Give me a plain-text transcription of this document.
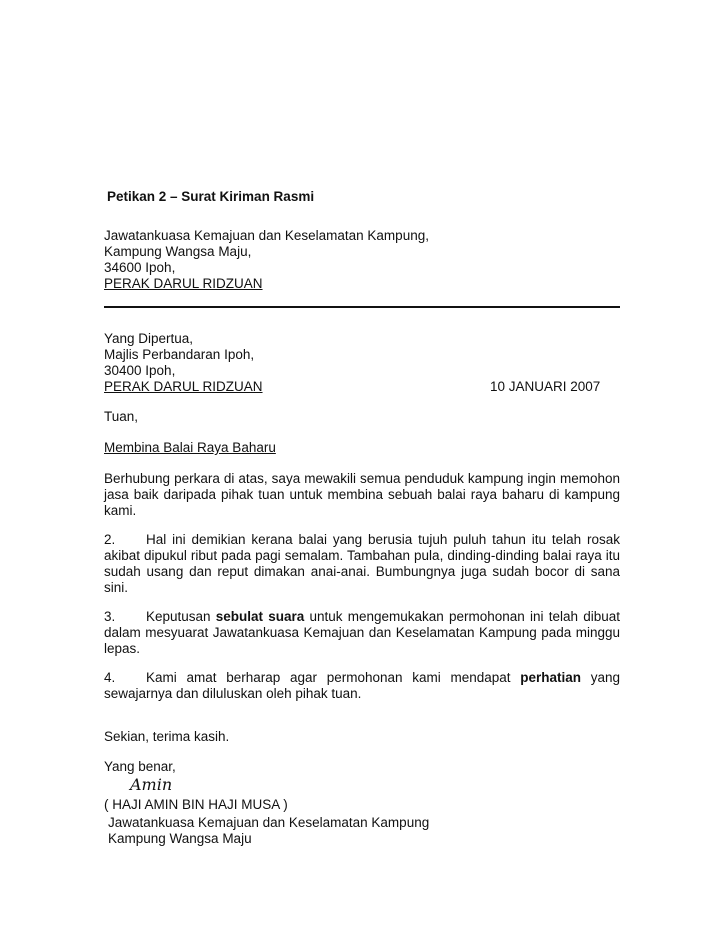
Petikan 2 – Surat Kiriman Rasmi
Jawatankuasa Kemajuan dan Keselamatan Kampung,
Kampung Wangsa Maju,
34600 Ipoh,
PERAK DARUL RIDZUAN
Yang Dipertua,
Majlis Perbandaran Ipoh,
30400 Ipoh,
PERAK DARUL RIDZUAN	10 JANUARI 2007
Tuan,
Membina Balai Raya Baharu
Berhubung perkara di atas, saya mewakili semua penduduk kampung ingin memohon jasa baik daripada pihak tuan untuk membina sebuah balai raya baharu di kampung kami.
2. Hal ini demikian kerana balai yang berusia tujuh puluh tahun itu telah rosak akibat dipukul ribut pada pagi semalam. Tambahan pula, dinding-dinding balai raya itu sudah usang dan reput dimakan anai-anai. Bumbungnya juga sudah bocor di sana sini.
3. Keputusan sebulat suara untuk mengemukakan permohonan ini telah dibuat dalam mesyuarat Jawatankuasa Kemajuan dan Keselamatan Kampung pada minggu lepas.
4. Kami amat berharap agar permohonan kami mendapat perhatian yang sewajarnya dan diluluskan oleh pihak tuan.
Sekian, terima kasih.
Yang benar,
Amin
( HAJI AMIN BIN HAJI MUSA )
Jawatankuasa Kemajuan dan Keselamatan Kampung
Kampung Wangsa Maju
